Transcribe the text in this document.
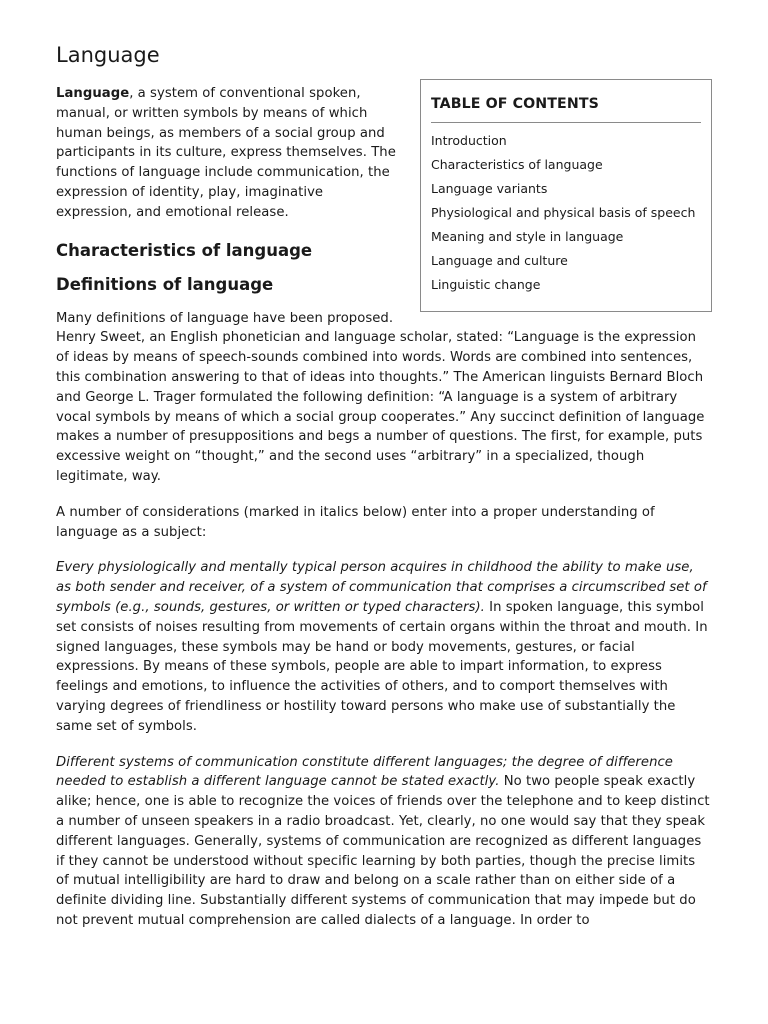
Language
TABLE OF CONTENTS
Introduction
Characteristics of language
Language variants
Physiological and physical basis of speech
Meaning and style in language
Language and culture
Linguistic change

Language, a system of conventional spoken, manual, or written symbols by means of which human beings, as members of a social group and participants in its culture, express themselves. The functions of language include communication, the expression of identity, play, imaginative expression, and emotional release.

Characteristics of language
Definitions of language

Many definitions of language have been proposed. Henry Sweet, an English phonetician and language scholar, stated: “Language is the expression of ideas by means of speech-sounds combined into words. Words are combined into sentences, this combination answering to that of ideas into thoughts.” The American linguists Bernard Bloch and George L. Trager formulated the following definition: “A language is a system of arbitrary vocal symbols by means of which a social group cooperates.” Any succinct definition of language makes a number of presuppositions and begs a number of questions. The first, for example, puts excessive weight on “thought,” and the second uses “arbitrary” in a specialized, though legitimate, way.

A number of considerations (marked in italics below) enter into a proper understanding of language as a subject:

Every physiologically and mentally typical person acquires in childhood the ability to make use, as both sender and receiver, of a system of communication that comprises a circumscribed set of symbols (e.g., sounds, gestures, or written or typed characters). In spoken language, this symbol set consists of noises resulting from movements of certain organs within the throat and mouth. In signed languages, these symbols may be hand or body movements, gestures, or facial expressions. By means of these symbols, people are able to impart information, to express feelings and emotions, to influence the activities of others, and to comport themselves with varying degrees of friendliness or hostility toward persons who make use of substantially the same set of symbols.

Different systems of communication constitute different languages; the degree of difference needed to establish a different language cannot be stated exactly. No two people speak exactly alike; hence, one is able to recognize the voices of friends over the telephone and to keep distinct a number of unseen speakers in a radio broadcast. Yet, clearly, no one would say that they speak different languages. Generally, systems of communication are recognized as different languages if they cannot be understood without specific learning by both parties, though the precise limits of mutual intelligibility are hard to draw and belong on a scale rather than on either side of a definite dividing line. Substantially different systems of communication that may impede but do not prevent mutual comprehension are called dialects of a language. In order to
